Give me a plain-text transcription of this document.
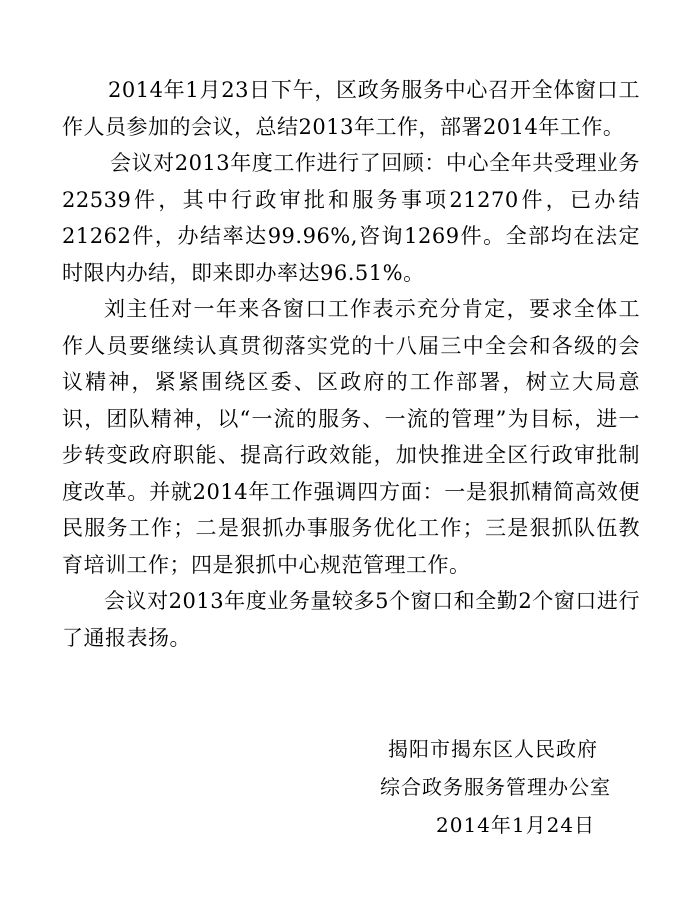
2014年1月23日下午，区政务服务中心召开全体窗口工作人员参加的会议，总结2013年工作，部署2014年工作。

会议对2013年度工作进行了回顾：中心全年共受理业务22539件，其中行政审批和服务事项21270件，已办结21262件，办结率达99.96%,咨询1269件。全部均在法定时限内办结，即来即办率达96.51%。

刘主任对一年来各窗口工作表示充分肯定，要求全体工作人员要继续认真贯彻落实党的十八届三中全会和各级的会议精神，紧紧围绕区委、区政府的工作部署，树立大局意识，团队精神，以“一流的服务、一流的管理”为目标，进一步转变政府职能、提高行政效能，加快推进全区行政审批制度改革。并就2014年工作强调四方面：一是狠抓精简高效便民服务工作；二是狠抓办事服务优化工作；三是狠抓队伍教育培训工作；四是狠抓中心规范管理工作。

会议对2013年度业务量较多5个窗口和全勤2个窗口进行了通报表扬。

揭阳市揭东区人民政府
综合政务服务管理办公室
2014年1月24日
